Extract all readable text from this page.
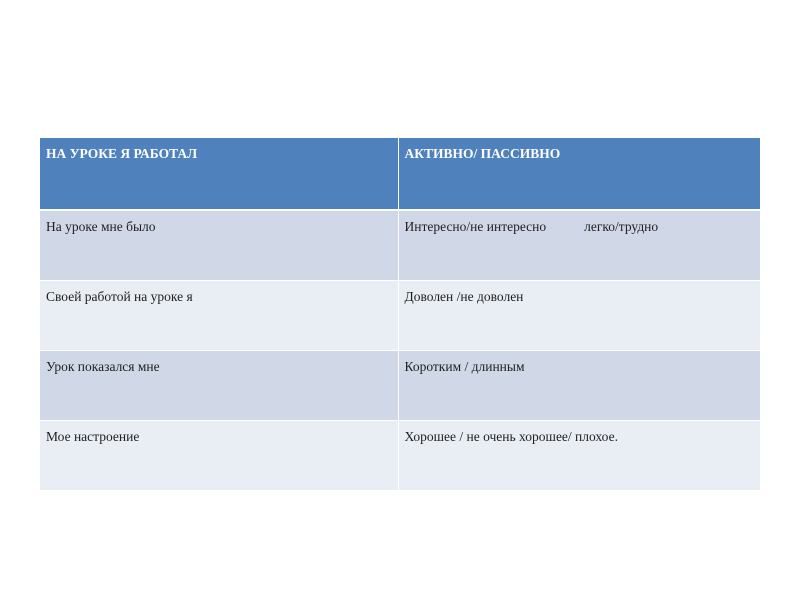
НА УРОКЕ Я РАБОТАЛ	АКТИВНО/ ПАССИВНО
На уроке мне было	Интересно/не интересно легко/трудно
Своей работой на уроке я	Доволен /не доволен
Урок показался мне	Коротким / длинным
Мое настроение	Хорошее / не очень хорошее/ плохое.
